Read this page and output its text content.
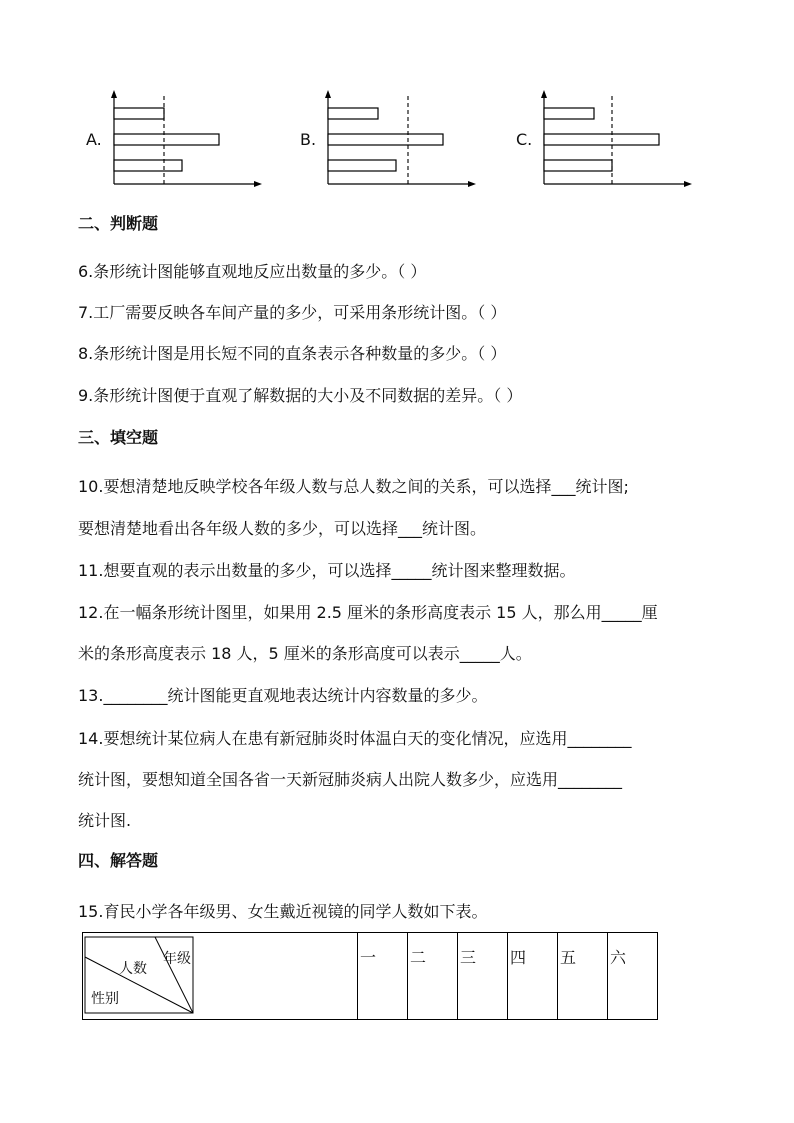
A.	B.	C.
二、判断题
6.条形统计图能够直观地反应出数量的多少。（ ）
7.工厂需要反映各车间产量的多少，可采用条形统计图。（ ）
8.条形统计图是用长短不同的直条表示各种数量的多少。（ ）
9.条形统计图便于直观了解数据的大小及不同数据的差异。（ ）
三、填空题
10.要想清楚地反映学校各年级人数与总人数之间的关系，可以选择___统计图;
要想清楚地看出各年级人数的多少，可以选择___统计图。
11.想要直观的表示出数量的多少，可以选择_____统计图来整理数据。
12.在一幅条形统计图里，如果用 2.5 厘米的条形高度表示 15 人，那么用_____厘
米的条形高度表示 18 人，5 厘米的条形高度可以表示_____人。
13.________统计图能更直观地表达统计内容数量的多少。
14.要想统计某位病人在患有新冠肺炎时体温白天的变化情况，应选用________
统计图，要想知道全国各省一天新冠肺炎病人出院人数多少，应选用________
统计图.
四、解答题
15.育民小学各年级男、女生戴近视镜的同学人数如下表。
年级
人数
性别

一	二	三	四	五	六
